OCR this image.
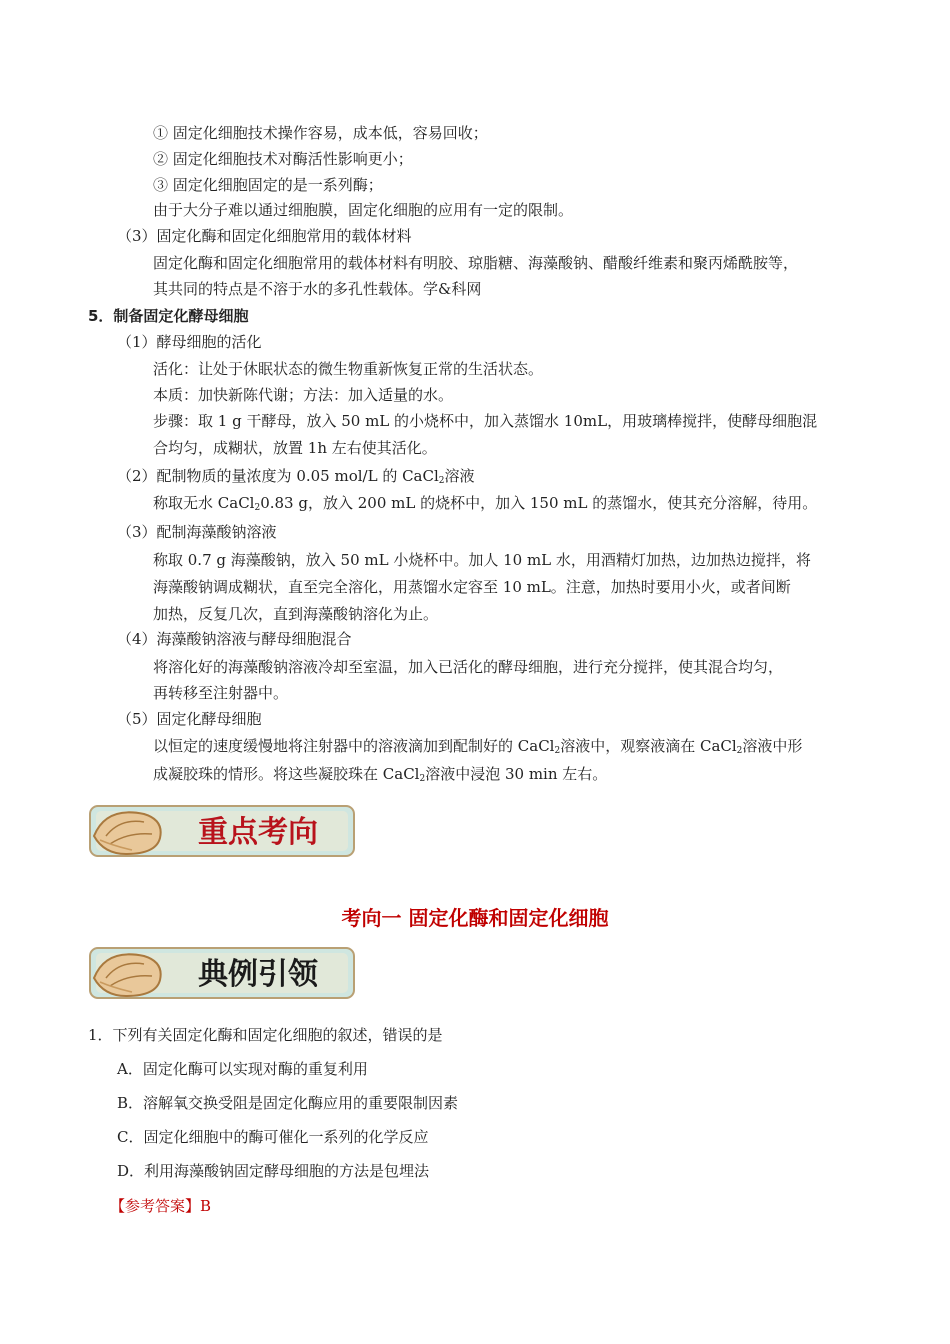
① 固定化细胞技术操作容易，成本低，容易回收；
② 固定化细胞技术对酶活性影响更小；
③ 固定化细胞固定的是一系列酶；
由于大分子难以通过细胞膜，固定化细胞的应用有一定的限制。
（3）固定化酶和固定化细胞常用的载体材料
固定化酶和固定化细胞常用的载体材料有明胶、琼脂糖、海藻酸钠、醋酸纤维素和聚丙烯酰胺等，
其共同的特点是不溶于水的多孔性载体。学&科网
5．制备固定化酵母细胞
（1）酵母细胞的活化
活化：让处于休眠状态的微生物重新恢复正常的生活状态。
本质：加快新陈代谢；方法：加入适量的水。
步骤：取 1 g 干酵母，放入 50 mL 的小烧杯中，加入蒸馏水 10mL，用玻璃棒搅拌，使酵母细胞混
合均匀，成糊状，放置 1h 左右使其活化。
（2）配制物质的量浓度为 0.05 mol/L 的 CaCl$_2$溶液
称取无水 CaCl$_2$0.83 g，放入 200 mL 的烧杯中，加入 150 mL 的蒸馏水，使其充分溶解，待用。
（3）配制海藻酸钠溶液
称取 0.7 g 海藻酸钠，放入 50 mL 小烧杯中。加人 10 mL 水，用酒精灯加热，边加热边搅拌，将
海藻酸钠调成糊状，直至完全溶化，用蒸馏水定容至 10 mL。注意，加热时要用小火，或者间断
加热，反复几次，直到海藻酸钠溶化为止。
（4）海藻酸钠溶液与酵母细胞混合
将溶化好的海藻酸钠溶液冷却至室温，加入已活化的酵母细胞，进行充分搅拌，使其混合均匀，
再转移至注射器中。
（5）固定化酵母细胞
以恒定的速度缓慢地将注射器中的溶液滴加到配制好的 CaCl$_2$溶液中，观察液滴在 CaCl$_2$溶液中形
成凝胶珠的情形。将这些凝胶珠在 CaCl$_2$溶液中浸泡 30 min 左右。
重点考向
考向一 固定化酶和固定化细胞
典例引领
1．下列有关固定化酶和固定化细胞的叙述，错误的是
A．固定化酶可以实现对酶的重复利用
B．溶解氧交换受阻是固定化酶应用的重要限制因素
C．固定化细胞中的酶可催化一系列的化学反应
D．利用海藻酸钠固定酵母细胞的方法是包埋法
【参考答案】B
